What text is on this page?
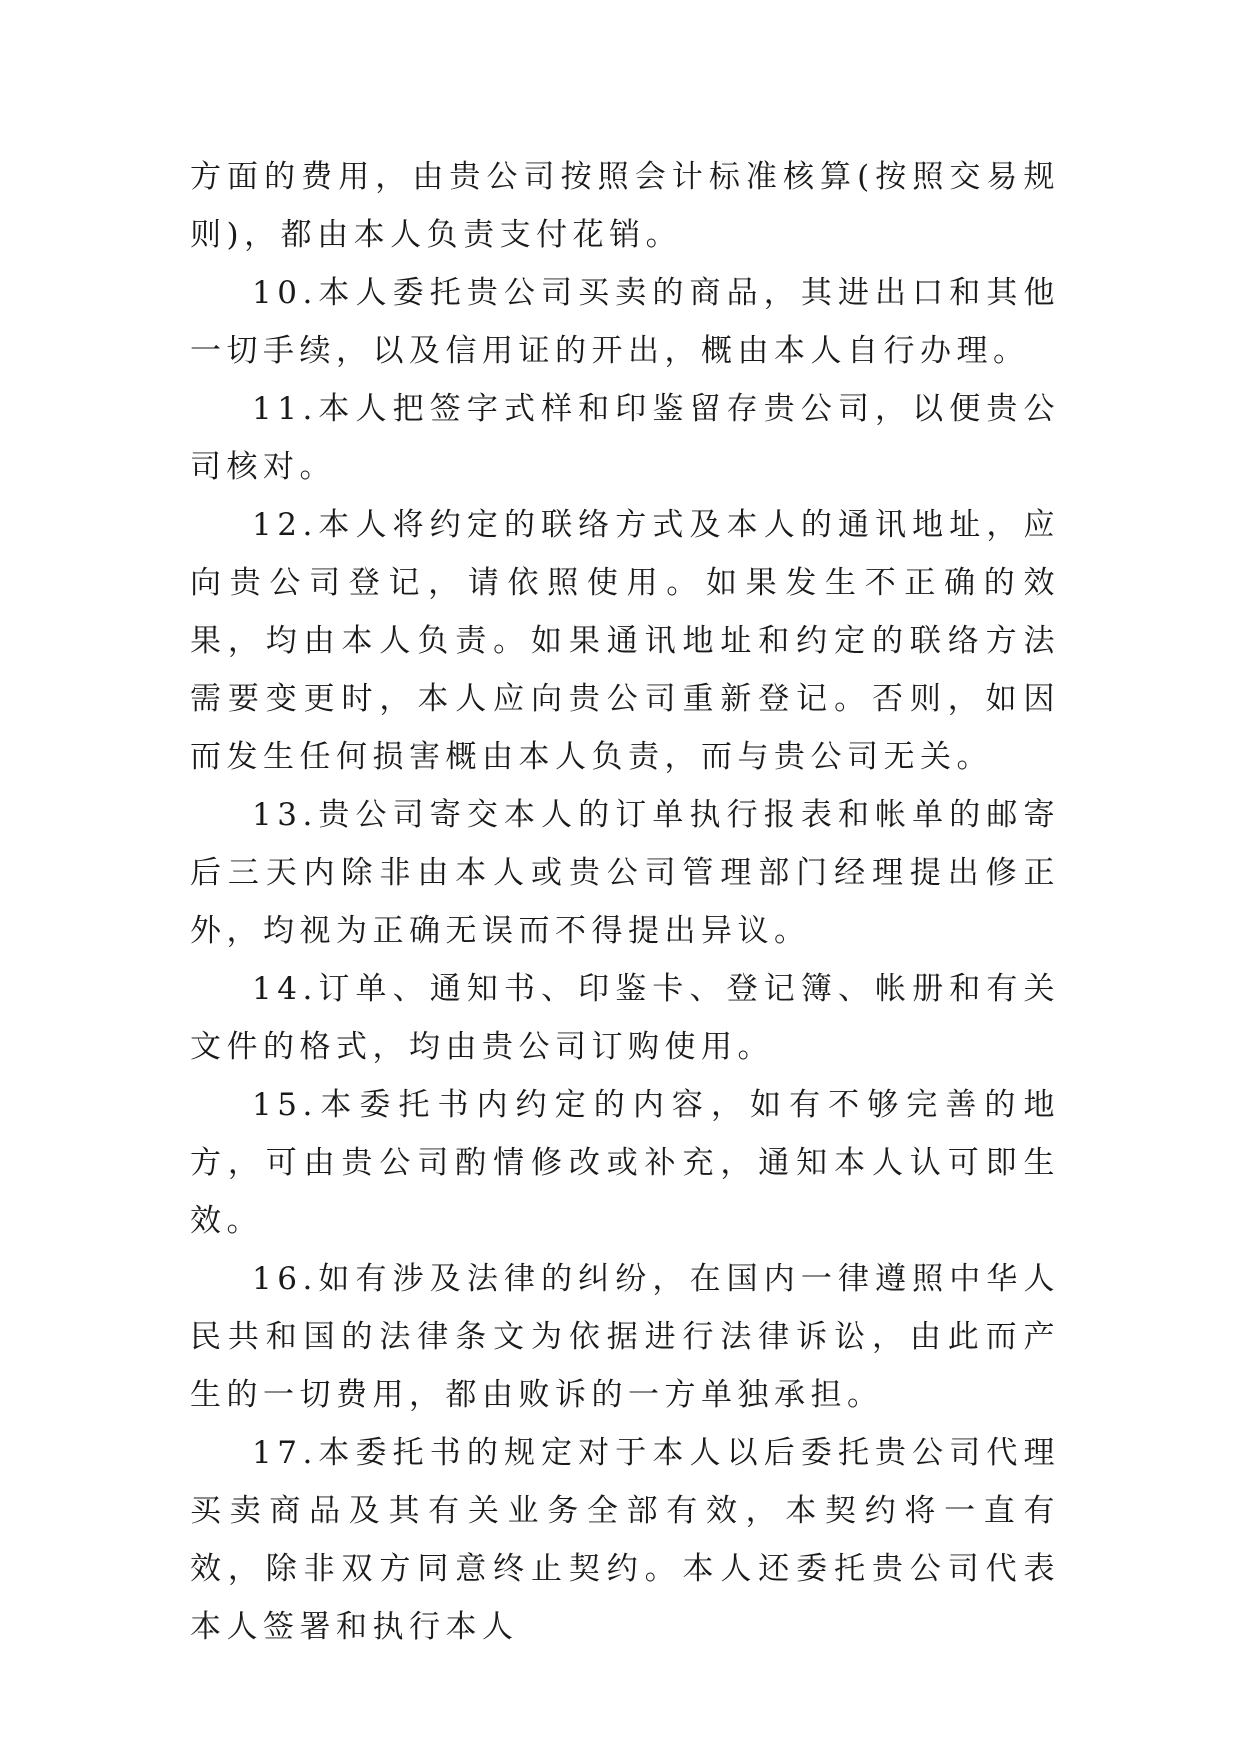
方面的费用，由贵公司按照会计标准核算(按照交易规则)，都由本人负责支付花销。

10.本人委托贵公司买卖的商品，其进出口和其他一切手续，以及信用证的开出，概由本人自行办理。

11.本人把签字式样和印鉴留存贵公司，以便贵公司核对。

12.本人将约定的联络方式及本人的通讯地址，应向贵公司登记，请依照使用。如果发生不正确的效果，均由本人负责。如果通讯地址和约定的联络方法需要变更时，本人应向贵公司重新登记。否则，如因而发生任何损害概由本人负责，而与贵公司无关。

13.贵公司寄交本人的订单执行报表和帐单的邮寄后三天内除非由本人或贵公司管理部门经理提出修正外，均视为正确无误而不得提出异议。

14.订单、通知书、印鉴卡、登记簿、帐册和有关文件的格式，均由贵公司订购使用。

15.本委托书内约定的内容，如有不够完善的地方，可由贵公司酌情修改或补充，通知本人认可即生效。

16.如有涉及法律的纠纷，在国内一律遵照中华人民共和国的法律条文为依据进行法律诉讼，由此而产生的一切费用，都由败诉的一方单独承担。

17.本委托书的规定对于本人以后委托贵公司代理买卖商品及其有关业务全部有效，本契约将一直有效，除非双方同意终止契约。本人还委托贵公司代表本人签署和执行本人
